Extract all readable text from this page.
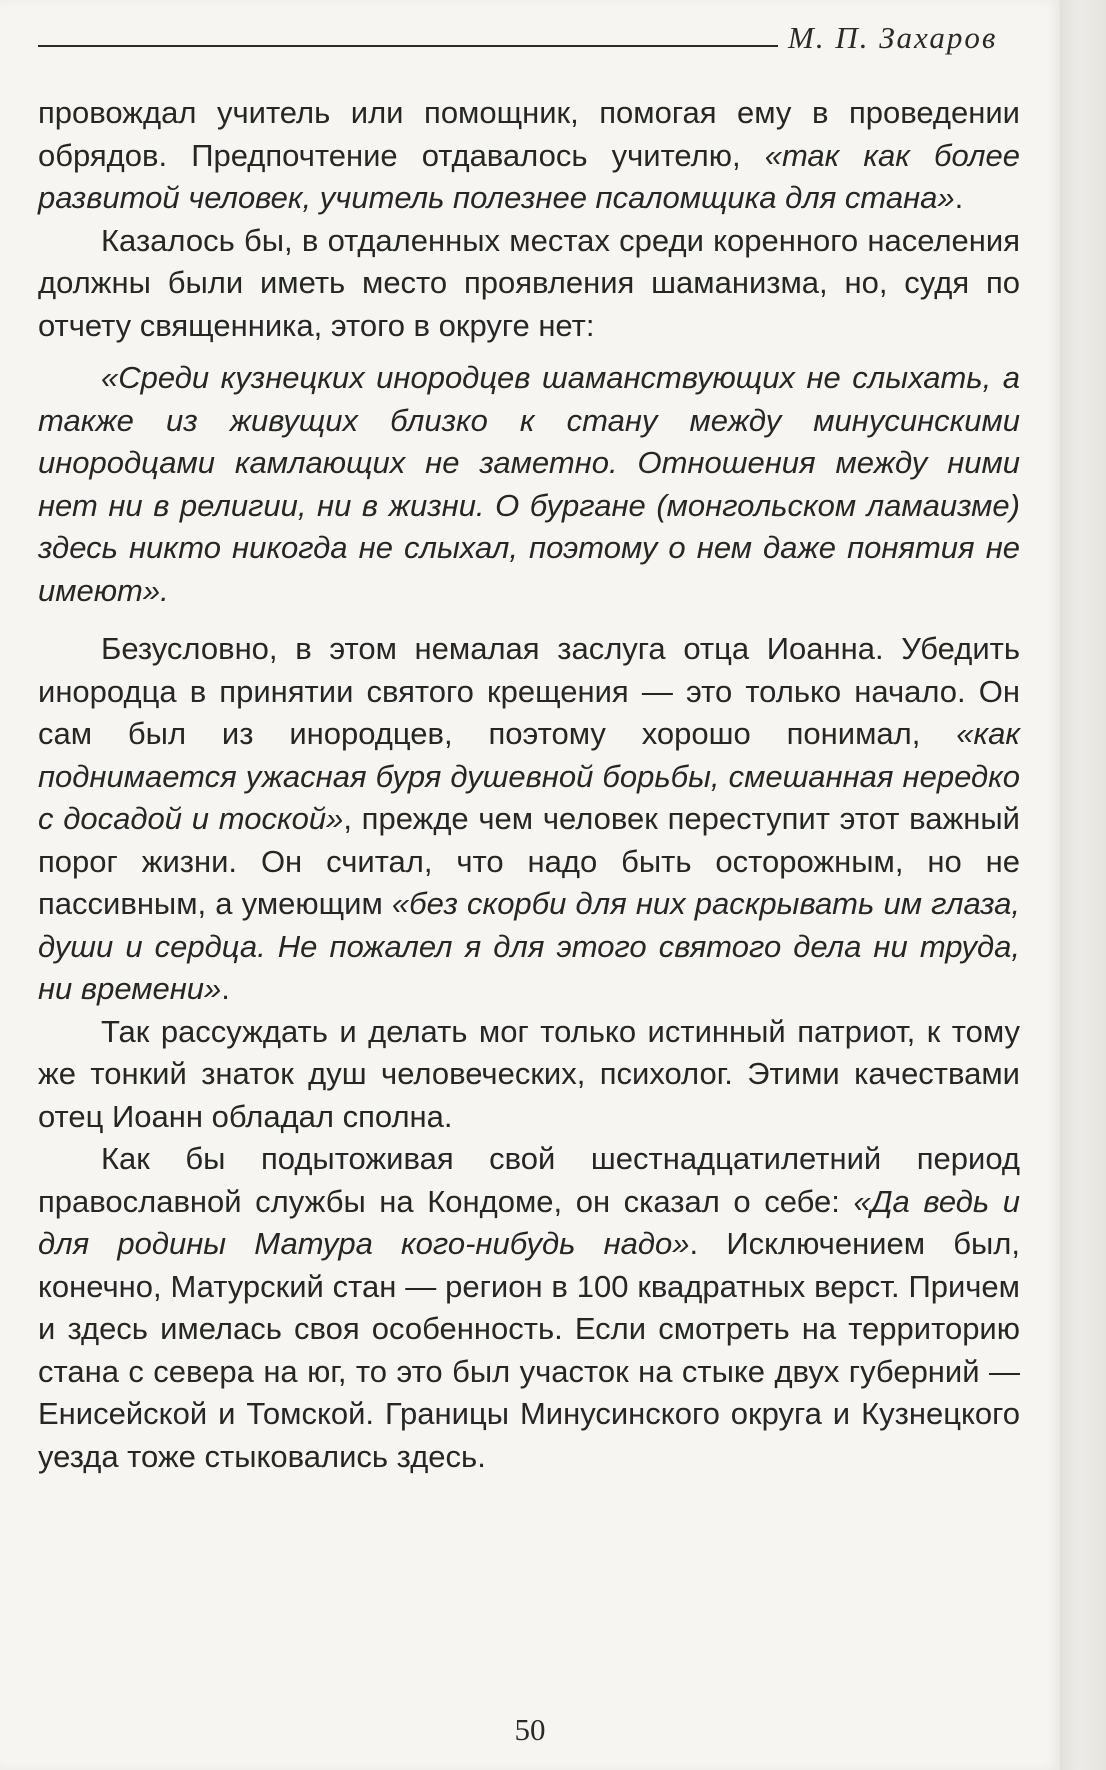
М. П. Захаров

провождал учитель или помощник, помогая ему в проведении обрядов. Предпочтение отдавалось учителю, «так как более развитой человек, учитель полезнее псаломщика для стана».

Казалось бы, в отдаленных местах среди коренного населения должны были иметь место проявления шаманизма, но, судя по отчету священника, этого в округе нет:

«Среди кузнецких инородцев шаманствующих не слыхать, а также из живущих близко к стану между минусинскими инородцами камлающих не заметно. Отношения между ними нет ни в религии, ни в жизни. О бургане (монгольском ламаизме) здесь никто никогда не слыхал, поэтому о нем даже понятия не имеют».

Безусловно, в этом немалая заслуга отца Иоанна. Убедить инородца в принятии святого крещения — это только начало. Он сам был из инородцев, поэтому хорошо понимал, «как поднимается ужасная буря душевной борьбы, смешанная нередко с досадой и тоской», прежде чем человек переступит этот важный порог жизни. Он считал, что надо быть осторожным, но не пассивным, а умеющим «без скорби для них раскрывать им глаза, души и сердца. Не пожалел я для этого святого дела ни труда, ни времени».

Так рассуждать и делать мог только истинный патриот, к тому же тонкий знаток душ человеческих, психолог. Этими качествами отец Иоанн обладал сполна.

Как бы подытоживая свой шестнадцатилетний период православной службы на Кондоме, он сказал о себе: «Да ведь и для родины Матура кого-нибудь надо». Исключением был, конечно, Матурский стан — регион в 100 квадратных верст. Причем и здесь имелась своя особенность. Если смотреть на территорию стана с севера на юг, то это был участок на стыке двух губерний — Енисейской и Томской. Границы Минусинского округа и Кузнецкого уезда тоже стыковались здесь.

50
